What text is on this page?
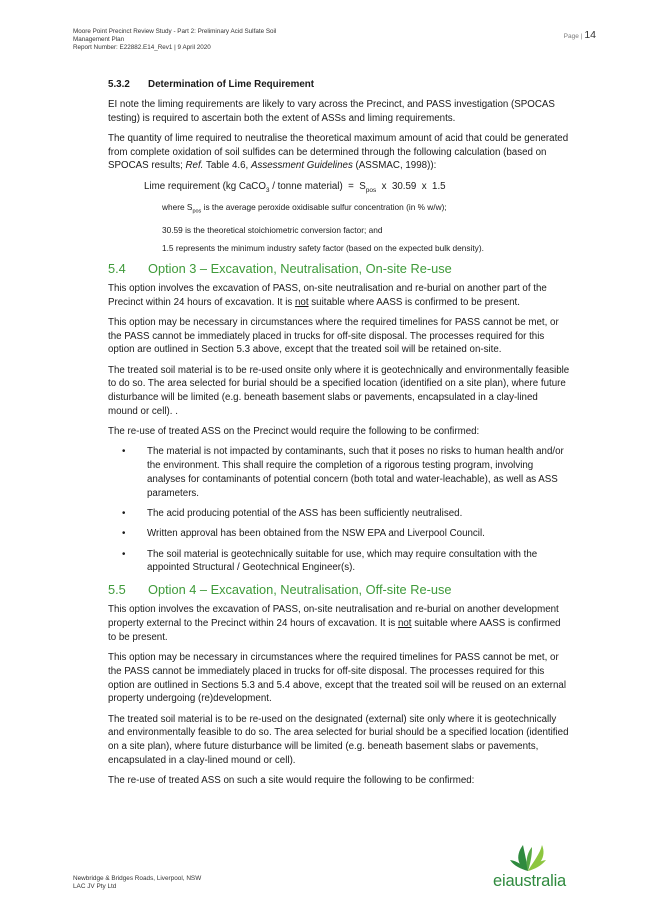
Moore Point Precinct Review Study - Part 2: Preliminary Acid Sulfate Soil
Management Plan
Report Number: E22882.E14_Rev1 | 9 April 2020
Page | 14
5.3.2 Determination of Lime Requirement

EI note the liming requirements are likely to vary across the Precinct, and PASS investigation (SPOCAS testing) is required to ascertain both the extent of ASSs and liming requirements.

The quantity of lime required to neutralise the theoretical maximum amount of acid that could be generated from complete oxidation of soil sulfides can be determined through the following calculation (based on SPOCAS results; Ref. Table 4.6, Assessment Guidelines (ASSMAC, 1998)):

Lime requirement (kg CaCO$_3$ / tonne material)  =  $S_{pos}$  x  30.59  x  1.5
where $S_{pos}$ is the average peroxide oxidisable sulfur concentration (in % w/w);
30.59 is the theoretical stoichiometric conversion factor; and
1.5 represents the minimum industry safety factor (based on the expected bulk density).
5.4 Option 3 – Excavation, Neutralisation, On-site Re-use

This option involves the excavation of PASS, on-site neutralisation and re-burial on another part of the Precinct within 24 hours of excavation. It is not suitable where AASS is confirmed to be present.

This option may be necessary in circumstances where the required timelines for PASS cannot be met, or the PASS cannot be immediately placed in trucks for off-site disposal. The processes required for this option are outlined in Section 5.3 above, except that the treated soil will be retained on-site.

The treated soil material is to be re-used onsite only where it is geotechnically and environmentally feasible to do so. The area selected for burial should be a specified location (identified on a site plan), where future disturbance will be limited (e.g. beneath basement slabs or pavements, encapsulated in a clay-lined mound or cell). .

The re-use of treated ASS on the Precinct would require the following to be confirmed:

• The material is not impacted by contaminants, such that it poses no risks to human health and/or the environment. This shall require the completion of a rigorous testing program, involving analyses for contaminants of potential concern (both total and water-leachable), as well as ASS parameters.
• The acid producing potential of the ASS has been sufficiently neutralised.
• Written approval has been obtained from the NSW EPA and Liverpool Council.
• The soil material is geotechnically suitable for use, which may require consultation with the appointed Structural / Geotechnical Engineer(s).
5.5 Option 4 – Excavation, Neutralisation, Off-site Re-use

This option involves the excavation of PASS, on-site neutralisation and re-burial on another development property external to the Precinct within 24 hours of excavation. It is not suitable where AASS is confirmed to be present.

This option may be necessary in circumstances where the required timelines for PASS cannot be met, or the PASS cannot be immediately placed in trucks for off-site disposal. The processes required for this option are outlined in Sections 5.3 and 5.4 above, except that the treated soil will be reused on an external property undergoing (re)development.

The treated soil material is to be re-used on the designated (external) site only where it is geotechnically and environmentally feasible to do so. The area selected for burial should be a specified location (identified on a site plan), where future disturbance will be limited (e.g. beneath basement slabs or pavements, encapsulated in a clay-lined mound or cell).

The re-use of treated ASS on such a site would require the following to be confirmed:

Newbridge & Bridges Roads, Liverpool, NSW
LAC JV Pty Ltd	eiaustralia
